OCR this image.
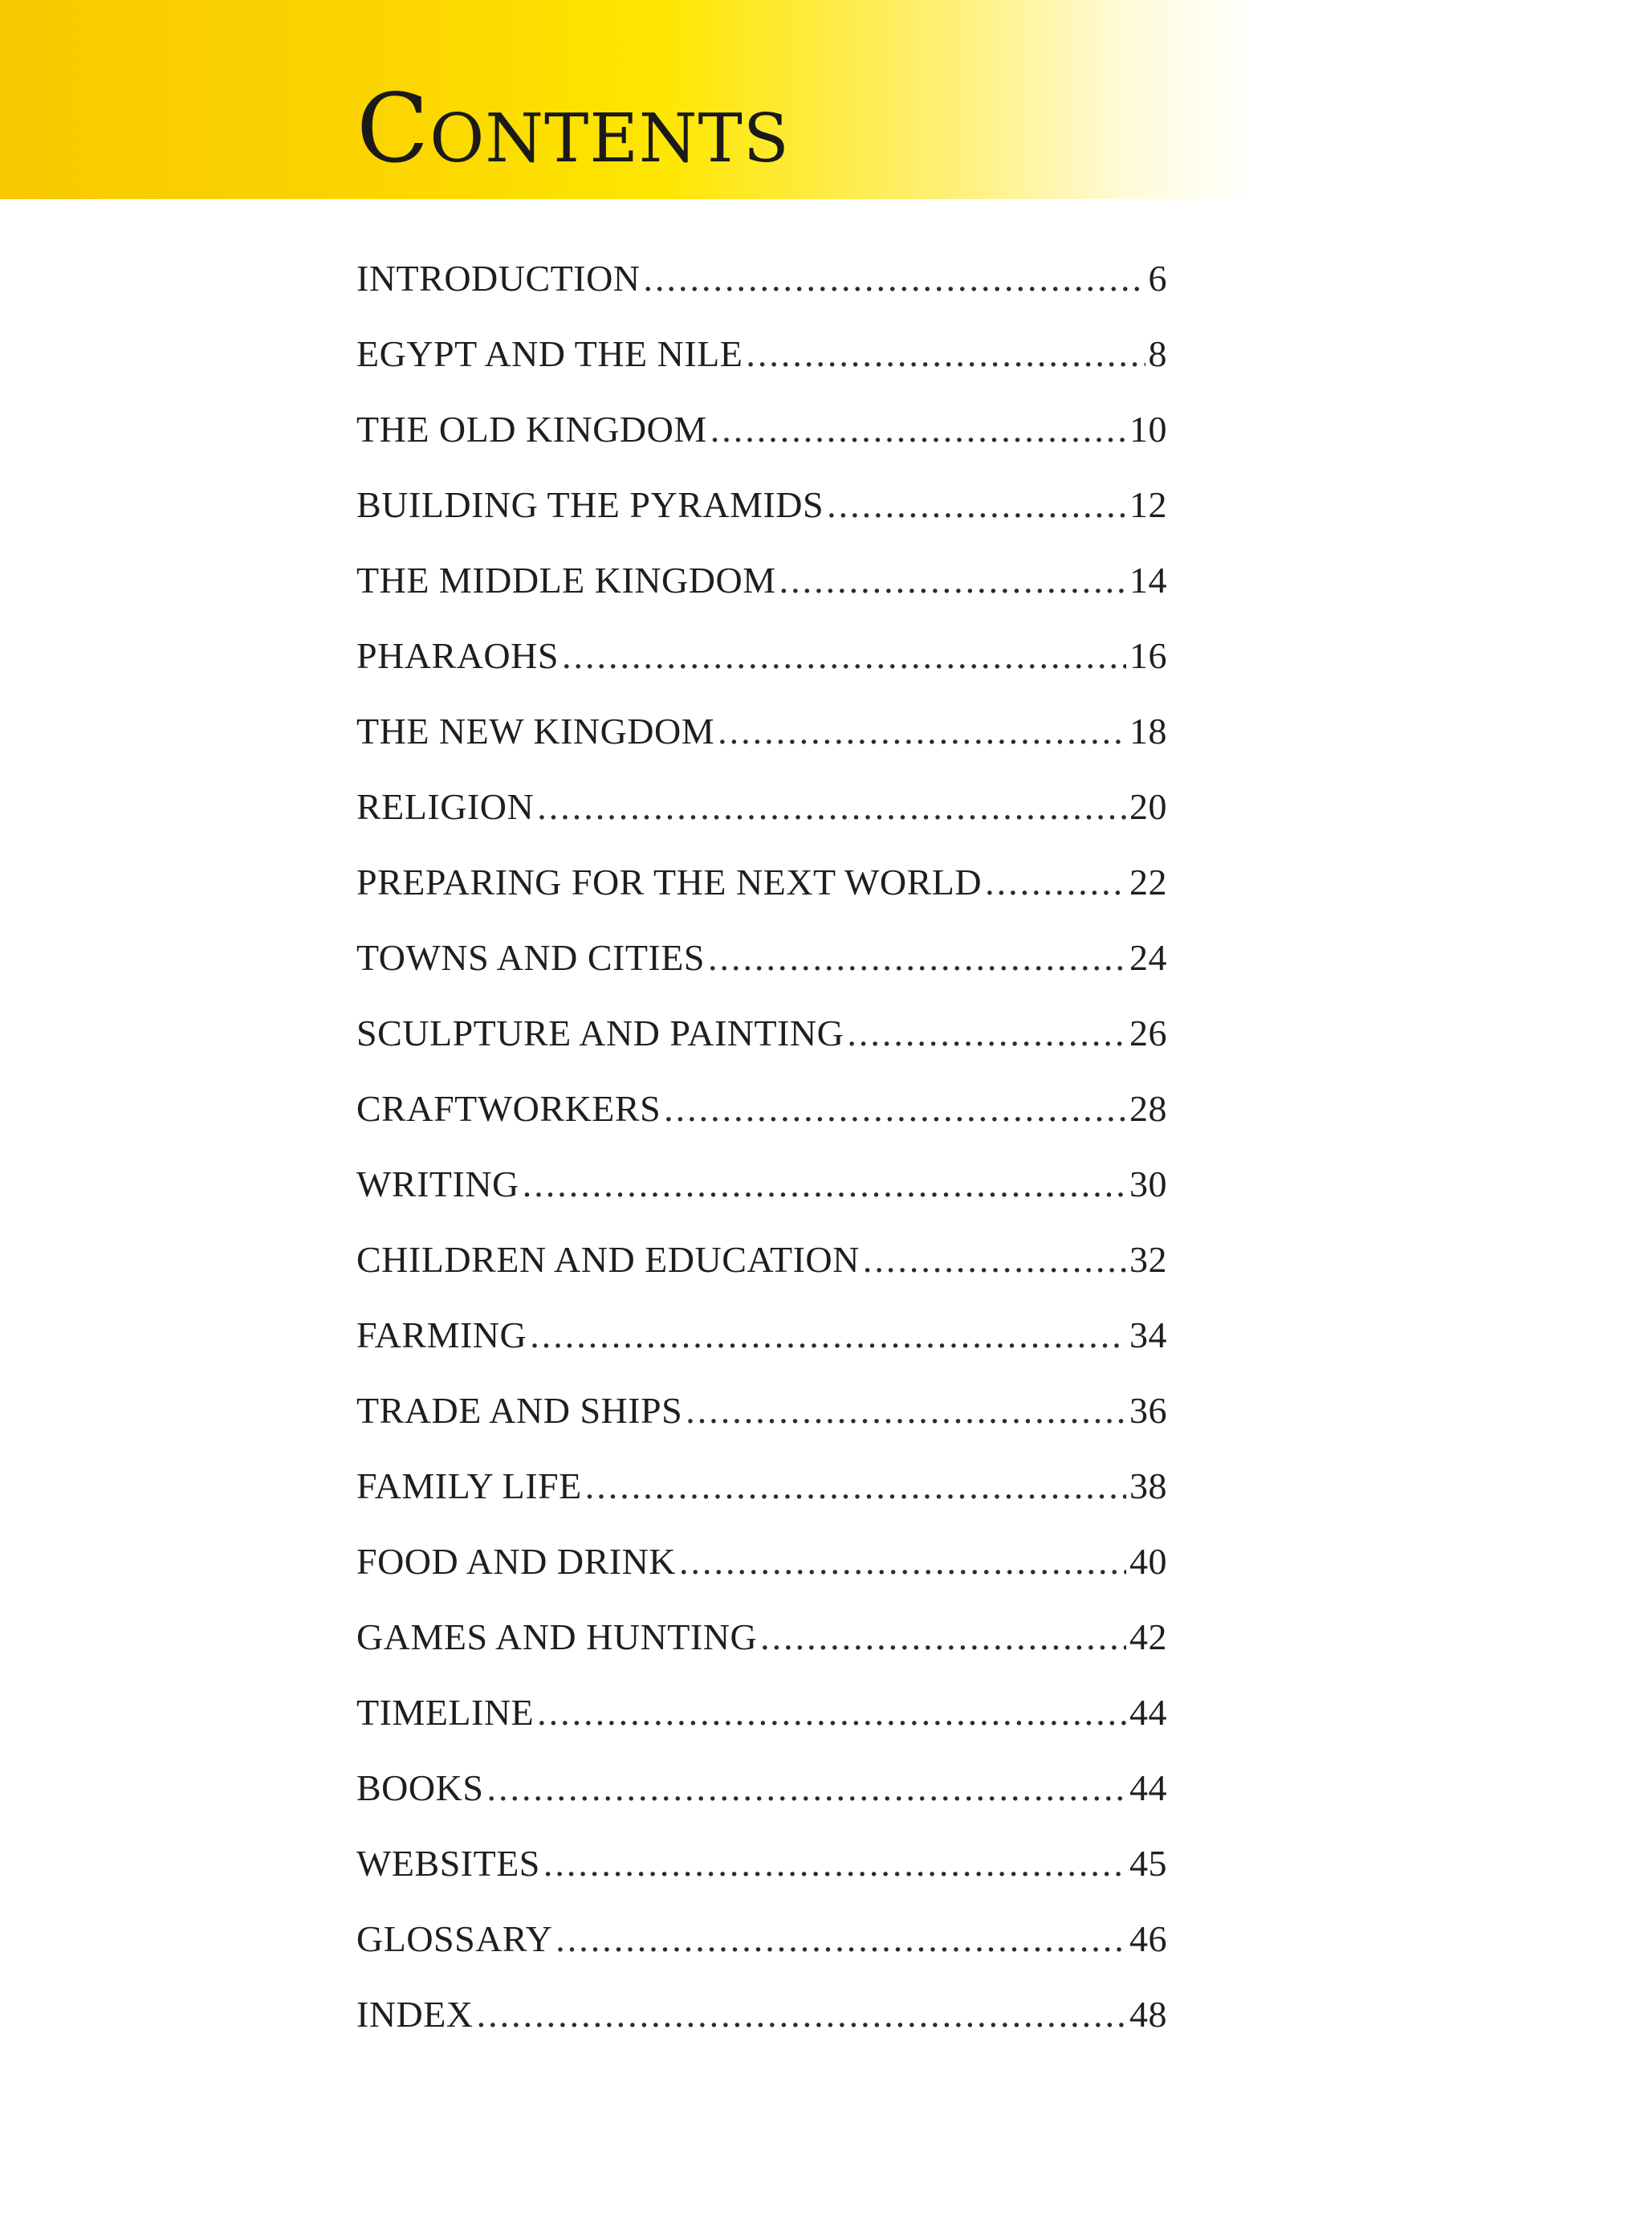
Contents
INTRODUCTION .....	6
EGYPT AND THE NILE .....	8
THE OLD KINGDOM .....	10
BUILDING THE PYRAMIDS .....	12
THE MIDDLE KINGDOM .....	14
PHARAOHS .....	16
THE NEW KINGDOM .....	18
RELIGION .....	20
PREPARING FOR THE NEXT WORLD .....	22
TOWNS AND CITIES .....	24
SCULPTURE AND PAINTING .....	26
CRAFTWORKERS .....	28
WRITING .....	30
CHILDREN AND EDUCATION .....	32
FARMING .....	34
TRADE AND SHIPS .....	36
FAMILY LIFE .....	38
FOOD AND DRINK .....	40
GAMES AND HUNTING .....	42
TIMELINE .....	44
BOOKS .....	44
WEBSITES .....	45
GLOSSARY .....	46
INDEX .....	48
